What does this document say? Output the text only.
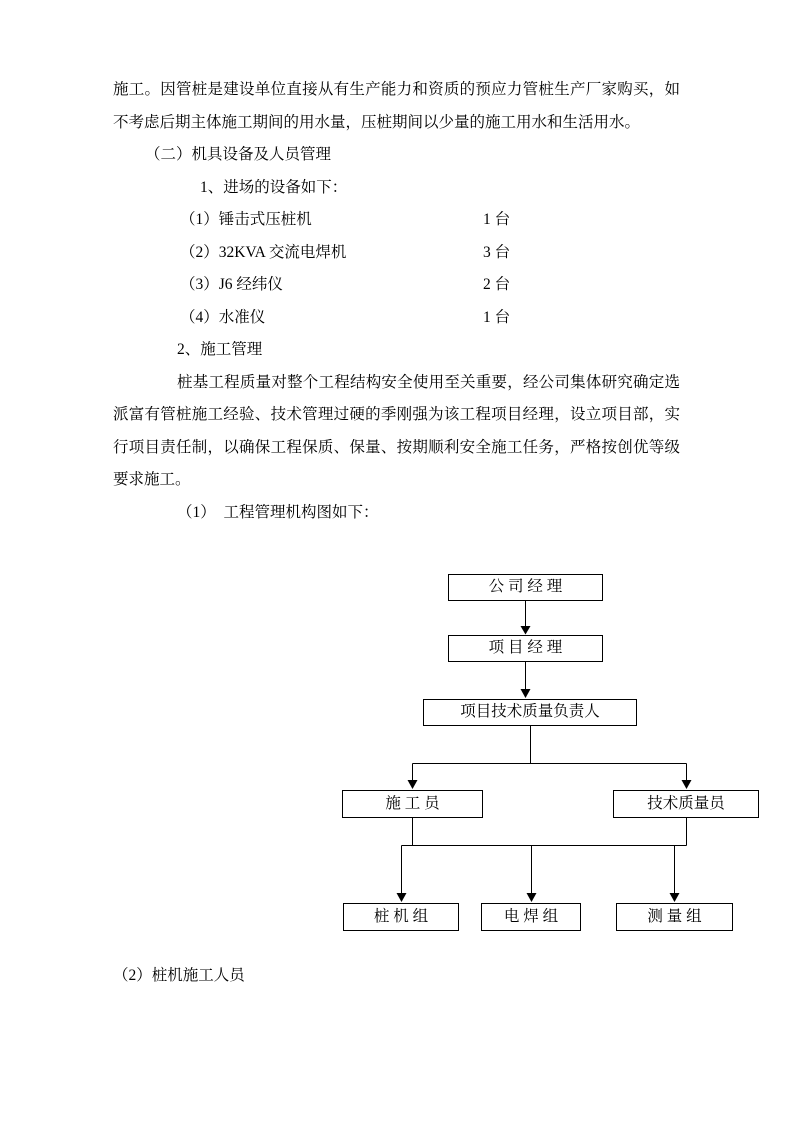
施工。因管桩是建设单位直接从有生产能力和资质的预应力管桩生产厂家购买，如不考虑后期主体施工期间的用水量，压桩期间以少量的施工用水和生活用水。

（二）机具设备及人员管理

1、进场的设备如下：

（1）锤击式压桩机	1 台
（2）32KVA 交流电焊机	3 台
（3）J6 经纬仪	2 台
（4）水准仪	1 台

2、施工管理

桩基工程质量对整个工程结构安全使用至关重要，经公司集体研究确定选派富有管桩施工经验、技术管理过硬的季刚强为该工程项目经理，设立项目部，实行项目责任制，以确保工程保质、保量、按期顺利安全施工任务，严格按创优等级要求施工。

（1）　工程管理机构图如下：

公 司 经 理
项 目 经 理
项目技术质量负责人
施 工 员	技术质量员
桩 机 组	电 焊 组	测 量 组

（2）桩机施工人员
